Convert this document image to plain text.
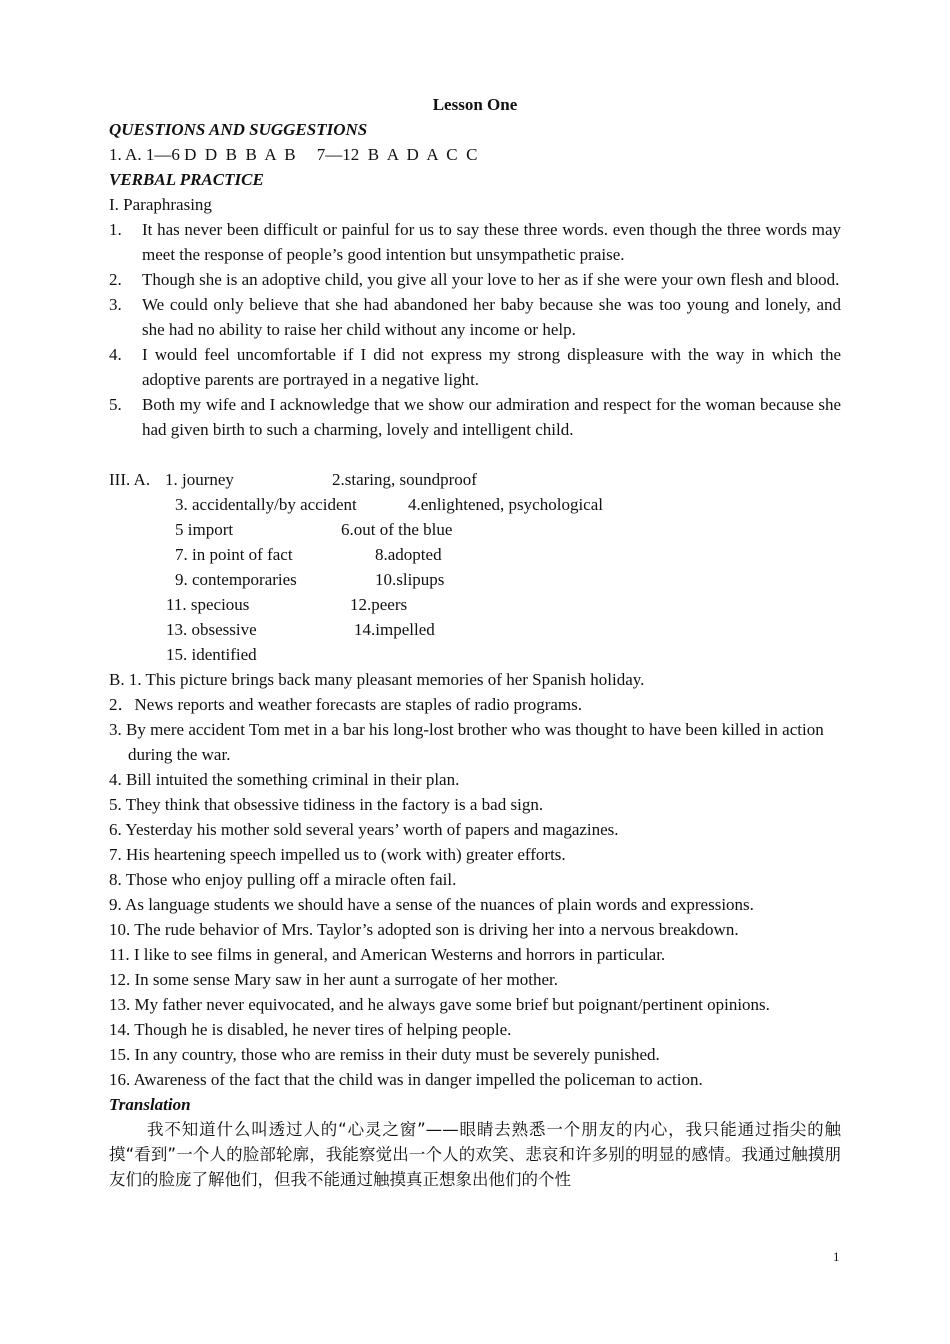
Lesson One
QUESTIONS AND SUGGESTIONS
1. A. 1—6 D  D  B  B  A  B     7—12  B  A  D  A  C  C
VERBAL PRACTICE
I. Paraphrasing
1.	It has never been difficult or painful for us to say these three words. even though the three words may meet the response of people’s good intention but unsympathetic praise.
2.	Though she is an adoptive child, you give all your love to her as if she were your own flesh and blood.
3.	We could only believe that she had abandoned her baby because she was too young and lonely, and she had no ability to raise her child without any income or help.
4.	I would feel uncomfortable if I did not express my strong displeasure with the way in which the adoptive parents are portrayed in a negative light.
5.	Both my wife and I acknowledge that we show our admiration and respect for the woman because she had given birth to such a charming, lovely and intelligent child.
III. A. 1. journey	2.staring, soundproof
3. accidentally/by accident	4.enlightened, psychological
5 import	6.out of the blue
7. in point of fact	8.adopted
9. contemporaries	10.slipups
11. specious	12.peers
13. obsessive	14.impelled
15. identified
B. 1. This picture brings back many pleasant memories of her Spanish holiday.
2．News reports and weather forecasts are staples of radio programs.
3. By mere accident Tom met in a bar his long-lost brother who was thought to have been killed in action during the war.
4. Bill intuited the something criminal in their plan.
5. They think that obsessive tidiness in the factory is a bad sign.
6. Yesterday his mother sold several years’ worth of papers and magazines.
7. His heartening speech impelled us to (work with) greater efforts.
8. Those who enjoy pulling off a miracle often fail.
9. As language students we should have a sense of the nuances of plain words and expressions.
10. The rude behavior of Mrs. Taylor’s adopted son is driving her into a nervous breakdown.
11. I like to see films in general, and American Westerns and horrors in particular.
12. In some sense Mary saw in her aunt a surrogate of her mother.
13. My father never equivocated, and he always gave some brief but poignant/pertinent opinions.
14. Though he is disabled, he never tires of helping people.
15. In any country, those who are remiss in their duty must be severely punished.
16. Awareness of the fact that the child was in danger impelled the policeman to action.
Translation
我不知道什么叫透过人的“心灵之窗”——眼睛去熟悉一个朋友的内心，我只能通过指尖的触摸“看到”一个人的脸部轮廓，我能察觉出一个人的欢笑、悲哀和许多别的明显的感情。我通过触摸朋友们的脸庞了解他们，但我不能通过触摸真正想象出他们的个性
1
